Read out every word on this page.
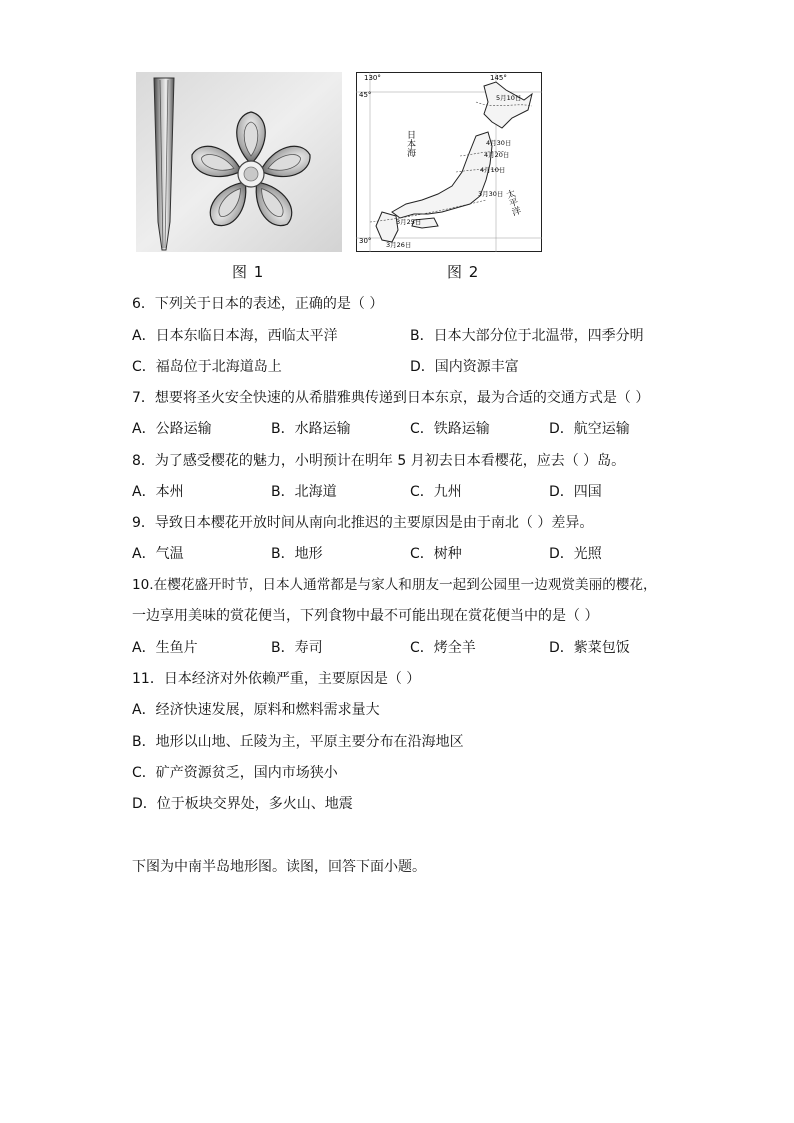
图 1
130°	145°
45°
30°
日本海
太平洋
5月10日
4月30日
4月20日
4月10日
3月30日
3月25日
3月26日
图 2
6．下列关于日本的表述，正确的是（ ）
A．日本东临日本海，西临太平洋	B．日本大部分位于北温带，四季分明
C．福岛位于北海道岛上	D．国内资源丰富
7．想要将圣火安全快速的从希腊雅典传递到日本东京，最为合适的交通方式是（ ）
A．公路运输	B．水路运输	C．铁路运输	D．航空运输
8．为了感受樱花的魅力，小明预计在明年 5 月初去日本看樱花，应去（ ）岛。
A．本州	B．北海道	C．九州	D．四国
9．导致日本樱花开放时间从南向北推迟的主要原因是由于南北（ ）差异。
A．气温	B．地形	C．树种	D．光照
10.在樱花盛开时节，日本人通常都是与家人和朋友一起到公园里一边观赏美丽的樱花，
一边享用美味的赏花便当，下列食物中最不可能出现在赏花便当中的是（ ）
A．生鱼片	B．寿司	C．烤全羊	D．紫菜包饭
11．日本经济对外依赖严重，主要原因是（ ）
A．经济快速发展，原料和燃料需求量大
B．地形以山地、丘陵为主，平原主要分布在沿海地区
C．矿产资源贫乏，国内市场狭小
D．位于板块交界处，多火山、地震
下图为中南半岛地形图。读图，回答下面小题。
